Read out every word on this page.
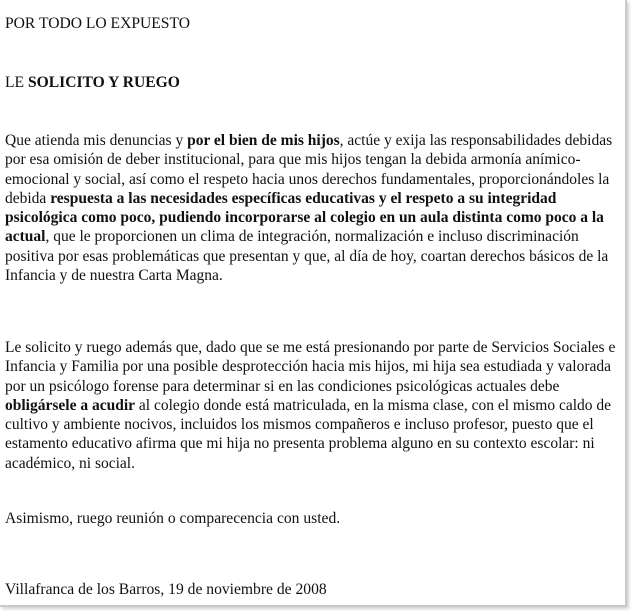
POR TODO LO EXPUESTO
LE SOLICITO Y RUEGO
Que atienda mis denuncias y por el bien de mis hijos, actúe y exija las responsabilidades debidas por esa omisión de deber institucional, para que mis hijos tengan la debida armonía anímico-emocional y social, así como el respeto hacia unos derechos fundamentales, proporcionándoles la debida respuesta a las necesidades específicas educativas y el respeto a su integridad psicológica como poco, pudiendo incorporarse al colegio en un aula distinta como poco a la actual, que le proporcionen un clima de integración, normalización e incluso discriminación positiva por esas problemáticas que presentan y que, al día de hoy, coartan derechos básicos de la Infancia y de nuestra Carta Magna.
Le solicito y ruego además que, dado que se me está presionando por parte de Servicios Sociales e Infancia y Familia por una posible desprotección hacia mis hijos, mi hija sea estudiada y valorada por un psicólogo forense para determinar si en las condiciones psicológicas actuales debe obligársele a acudir al colegio donde está matriculada, en la misma clase, con el mismo caldo de cultivo y ambiente nocivos, incluidos los mismos compañeros e incluso profesor, puesto que el estamento educativo afirma que mi hija no presenta problema alguno en su contexto escolar: ni académico, ni social.
Asimismo, ruego reunión o comparecencia con usted.
Villafranca de los Barros, 19 de noviembre de 2008
